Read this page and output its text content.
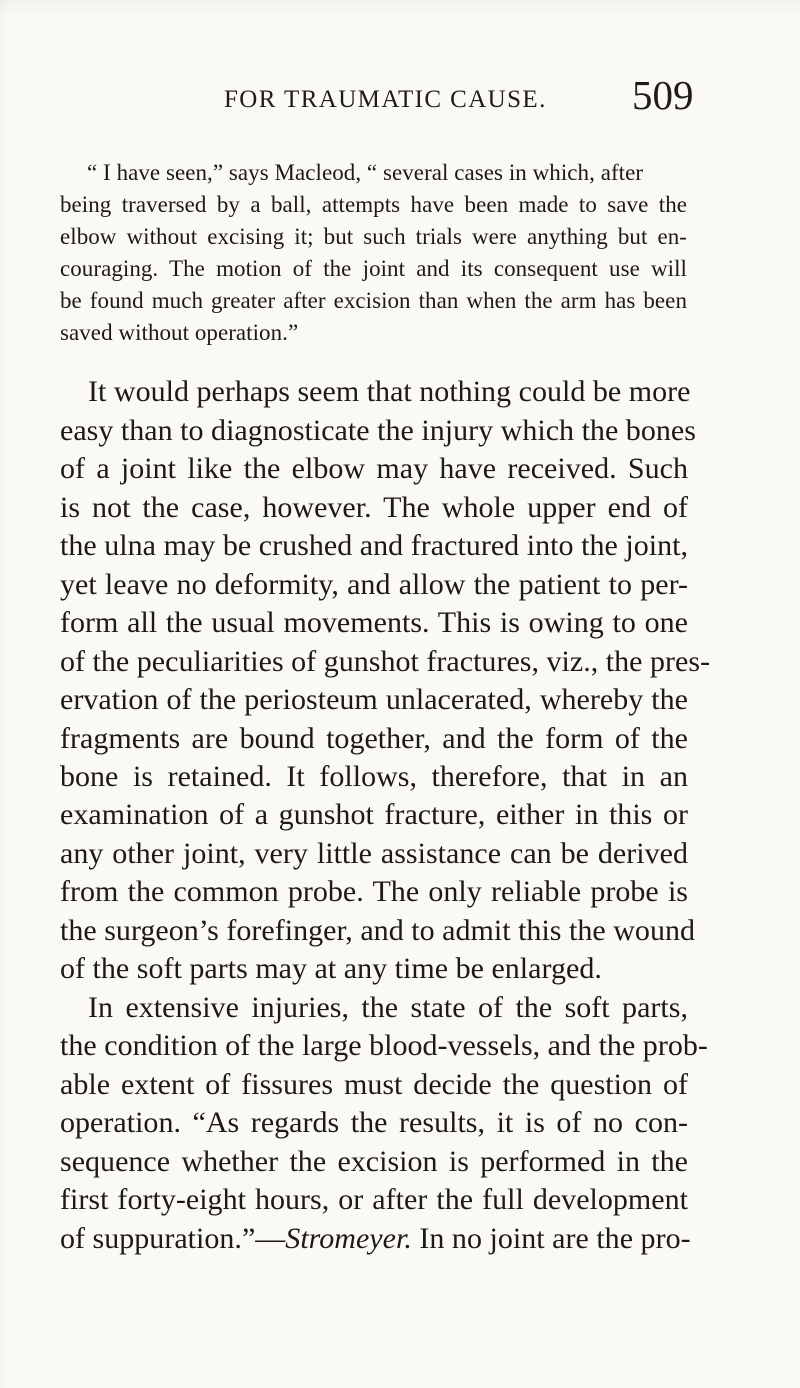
FOR TRAUMATIC CAUSE. 509
“ I have seen,” says Macleod, “ several cases in which, after
being traversed by a ball, attempts have been made to save the
elbow without excising it; but such trials were anything but en-
couraging. The motion of the joint and its consequent use will
be found much greater after excision than when the arm has been
saved without operation.”
It would perhaps seem that nothing could be more
easy than to diagnosticate the injury which the bones
of a joint like the elbow may have received. Such
is not the case, however. The whole upper end of
the ulna may be crushed and fractured into the joint,
yet leave no deformity, and allow the patient to per-
form all the usual movements. This is owing to one
of the peculiarities of gunshot fractures, viz., the pres-
ervation of the periosteum unlacerated, whereby the
fragments are bound together, and the form of the
bone is retained. It follows, therefore, that in an
examination of a gunshot fracture, either in this or
any other joint, very little assistance can be derived
from the common probe. The only reliable probe is
the surgeon’s forefinger, and to admit this the wound
of the soft parts may at any time be enlarged.
In extensive injuries, the state of the soft parts,
the condition of the large blood-vessels, and the prob-
able extent of fissures must decide the question of
operation. “As regards the results, it is of no con-
sequence whether the excision is performed in the
first forty-eight hours, or after the full development
of suppuration.”—Stromeyer. In no joint are the pro-
